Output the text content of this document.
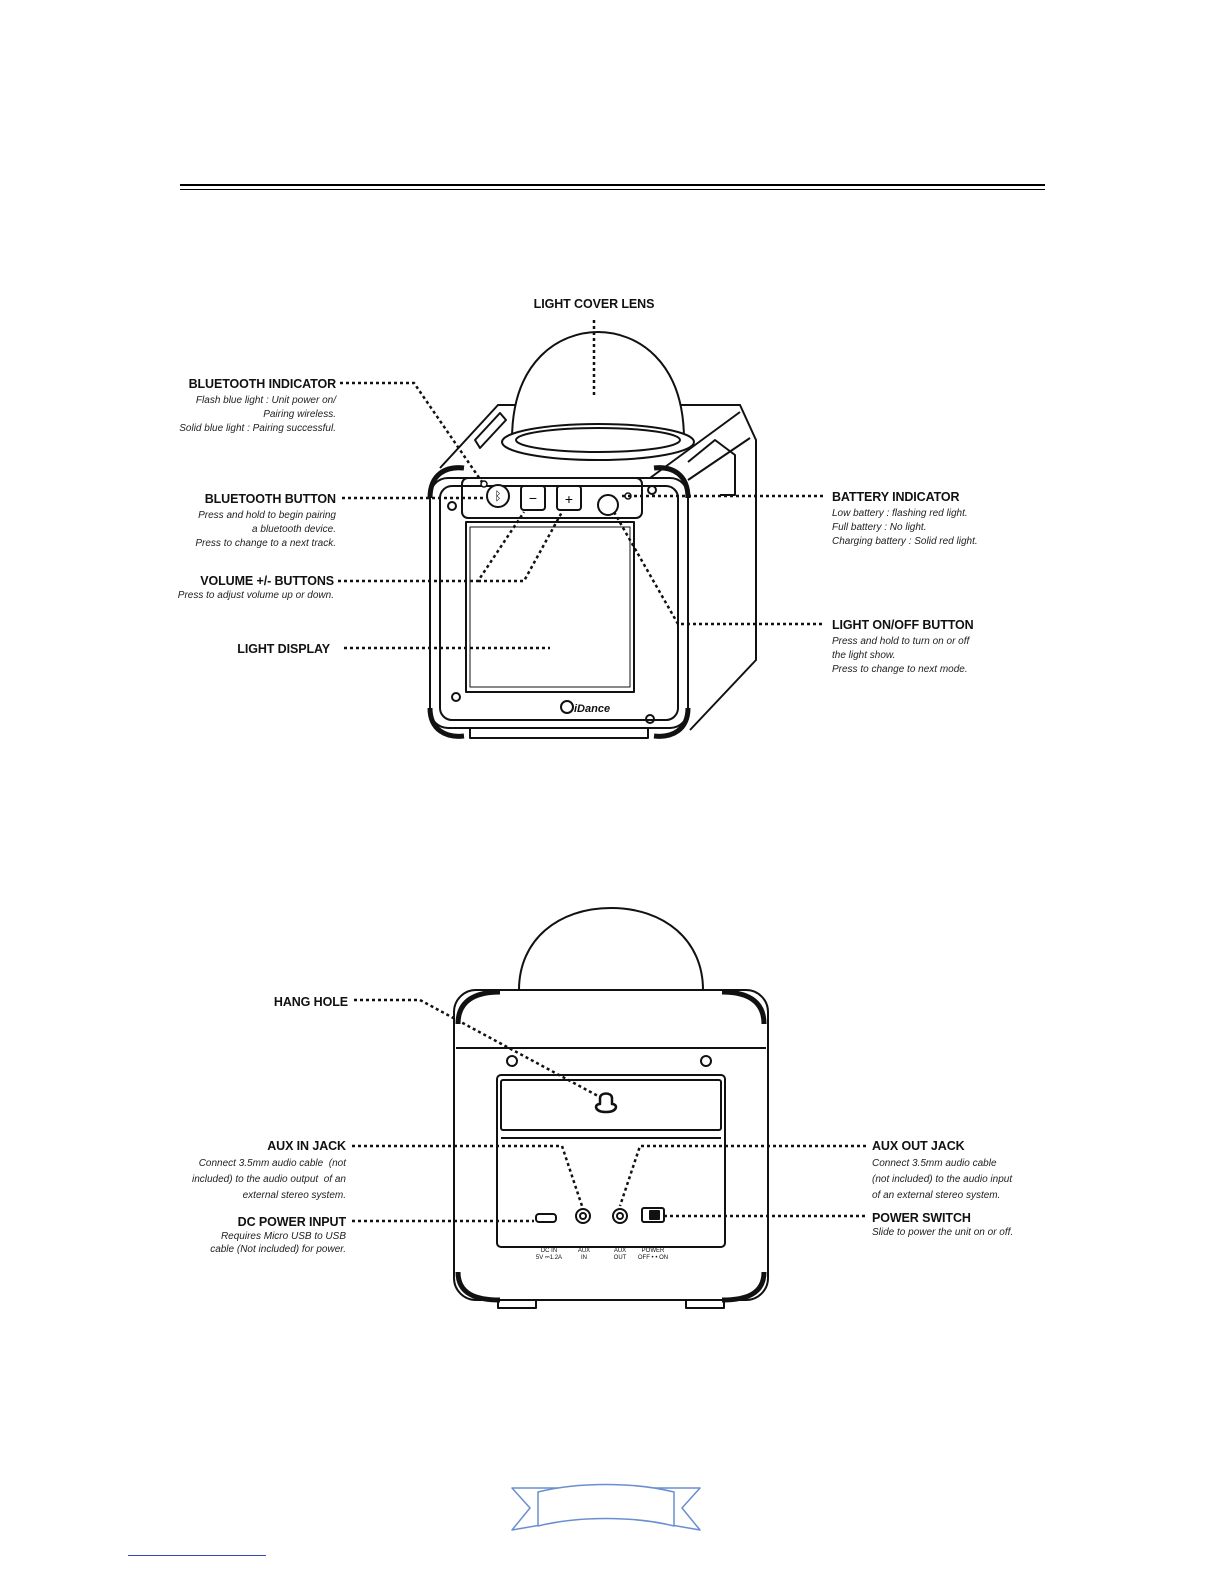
ᛒ − +
iDance
LIGHT COVER LENS
BLUETOOTH INDICATOR
Flash blue light : Unit power on/
Pairing wireless.
Solid blue light : Pairing successful.
BLUETOOTH BUTTON
Press and hold to begin pairing
a bluetooth device.
Press to change to a next track.
VOLUME +/- BUTTONS
Press to adjust volume up or down.
LIGHT DISPLAY
BATTERY INDICATOR
Low battery : flashing red light.
Full battery : No light.
Charging battery : Solid red light.
LIGHT ON/OFF BUTTON
Press and hold to turn on or off
the light show.
Press to change to next mode.
DC IN
5V ⎓1.2A
AUX
IN
AUX
OUT
POWER
OFF • • ON
HANG HOLE
AUX IN JACK
Connect 3.5mm audio cable  (not
included) to the audio output  of an
external stereo system.
DC POWER INPUT
Requires Micro USB to USB
cable (Not included) for power.
AUX OUT JACK
Connect 3.5mm audio cable
(not included) to the audio input
of an external stereo system.
POWER SWITCH
Slide to power the unit on or off.
